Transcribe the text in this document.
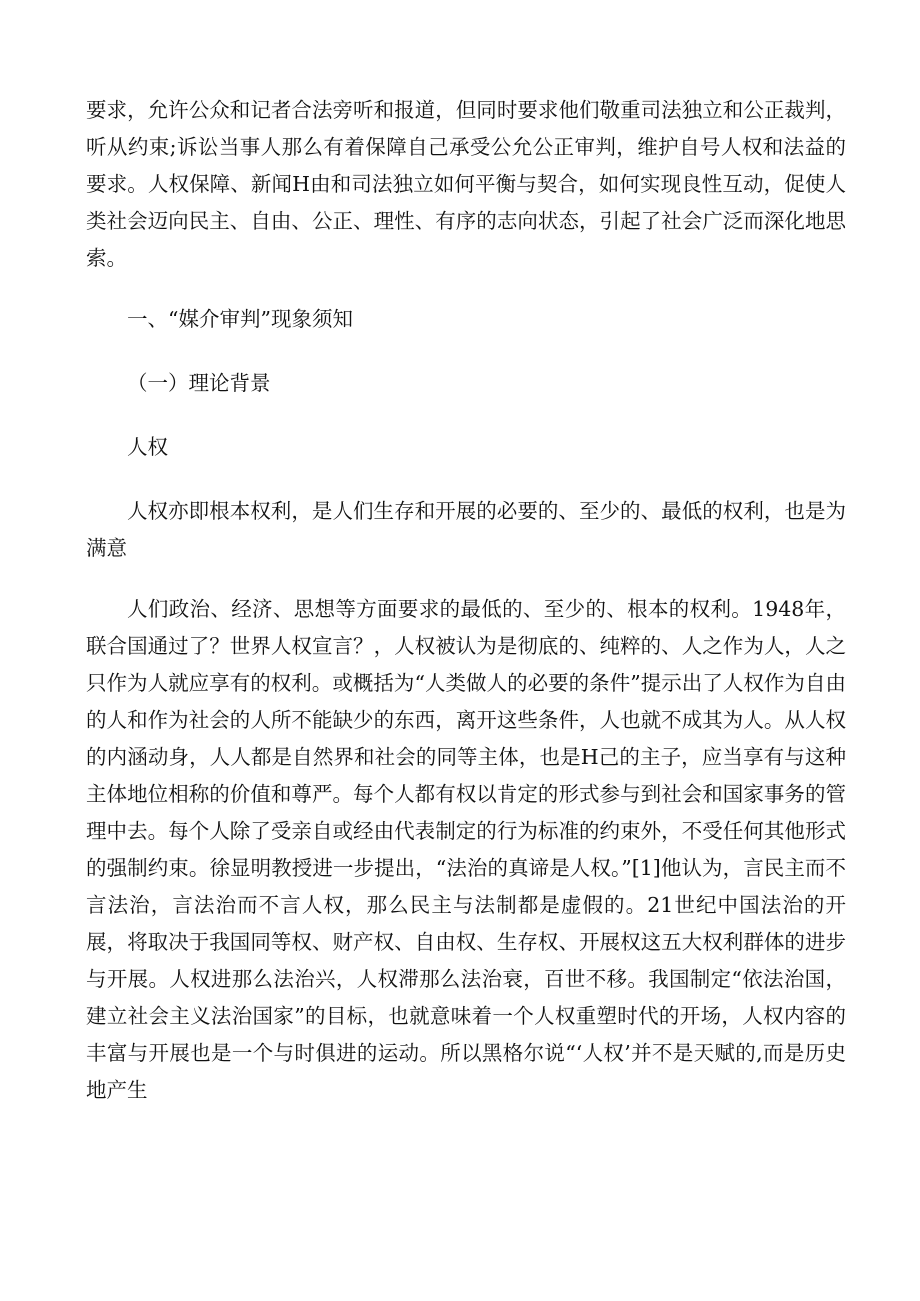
要求，允许公众和记者合法旁听和报道，但同时要求他们敬重司法独立和公正裁判，听从约束;诉讼当事人那么有着保障自己承受公允公正审判，维护自号人权和法益的要求。人权保障、新闻H由和司法独立如何平衡与契合，如何实现良性互动，促使人类社会迈向民主、自由、公正、理性、有序的志向状态，引起了社会广泛而深化地思索。

一、“媒介审判”现象须知

（一）理论背景

人权

人权亦即根本权利，是人们生存和开展的必要的、至少的、最低的权利，也是为满意

人们政治、经济、思想等方面要求的最低的、至少的、根本的权利。1948年，联合国通过了？世界人权宣言？，人权被认为是彻底的、纯粹的、人之作为人，人之只作为人就应享有的权利。或概括为“人类做人的必要的条件”提示出了人权作为自由的人和作为社会的人所不能缺少的东西，离开这些条件，人也就不成其为人。从人权的内涵动身，人人都是自然界和社会的同等主体，也是H己的主子，应当享有与这种主体地位相称的价值和尊严。每个人都有权以肯定的形式参与到社会和国家事务的管理中去。每个人除了受亲自或经由代表制定的行为标准的约束外，不受任何其他形式的强制约束。徐显明教授进一步提出，“法治的真谛是人权。”[1]他认为，言民主而不言法治，言法治而不言人权，那么民主与法制都是虚假的。21世纪中国法治的开展，将取决于我国同等权、财产权、自由权、生存权、开展权这五大权利群体的进步与开展。人权进那么法治兴，人权滞那么法治衰，百世不移。我国制定“依法治国，建立社会主义法治国家”的目标，也就意味着一个人权重塑时代的开场，人权内容的丰富与开展也是一个与时俱进的运动。所以黑格尔说“‘人权’并不是天赋的,而是历史地产生
